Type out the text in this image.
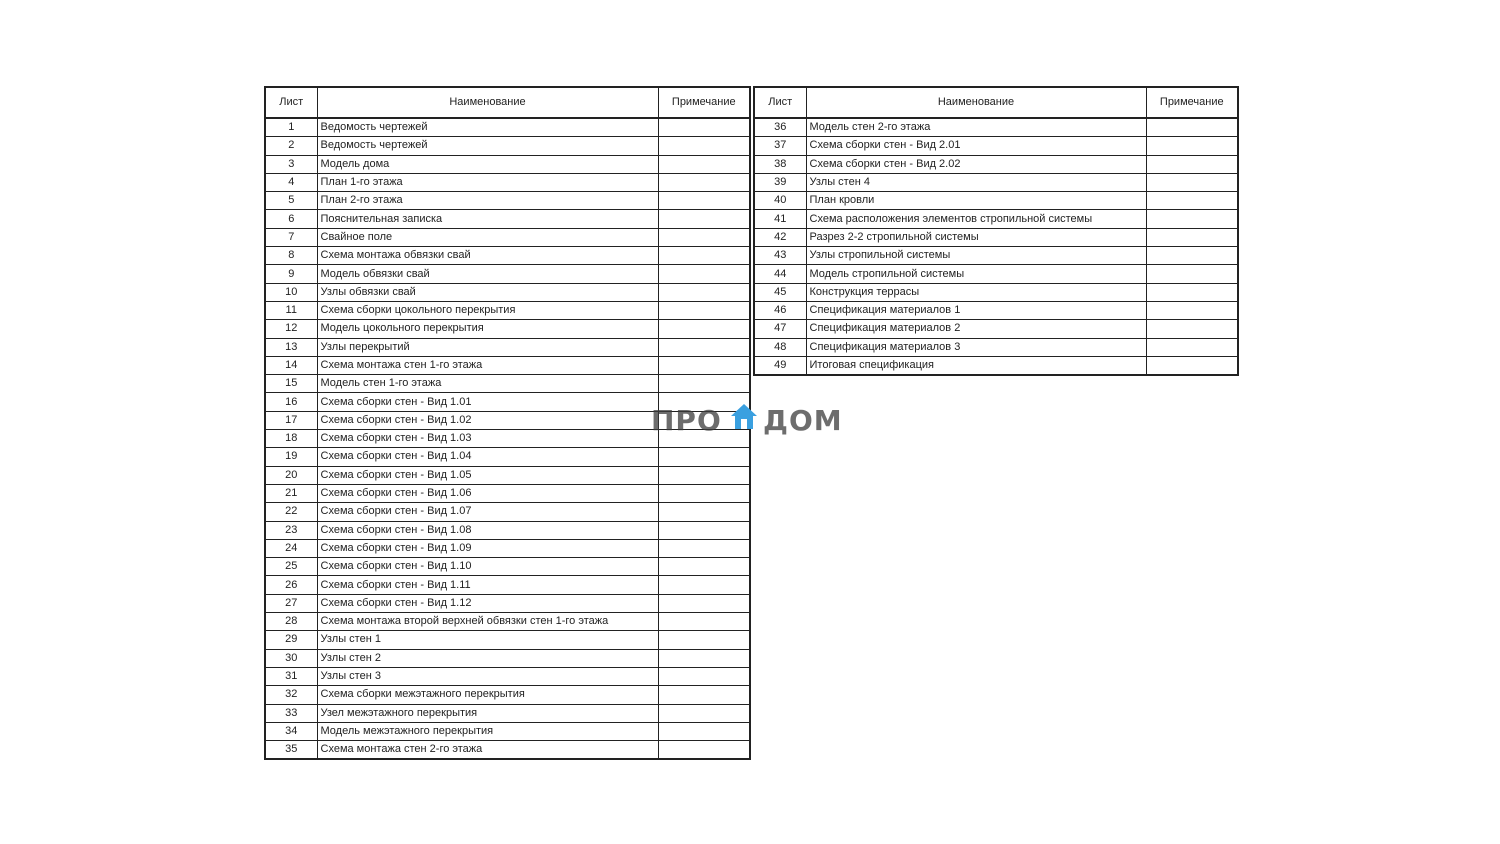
Лист	Наименование	Примечание
1	Ведомость чертежей	
2	Ведомость чертежей	
3	Модель дома	
4	План 1-го этажа	
5	План 2-го этажа	
6	Пояснительная записка	
7	Свайное поле	
8	Схема монтажа обвязки свай	
9	Модель обвязки свай	
10	Узлы обвязки свай	
11	Схема сборки цокольного перекрытия	
12	Модель цокольного перекрытия	
13	Узлы перекрытий	
14	Схема монтажа стен 1-го этажа	
15	Модель стен 1-го этажа	
16	Схема сборки стен - Вид 1.01	
17	Схема сборки стен - Вид 1.02	
18	Схема сборки стен - Вид 1.03	
19	Схема сборки стен - Вид 1.04	
20	Схема сборки стен - Вид 1.05	
21	Схема сборки стен - Вид 1.06	
22	Схема сборки стен - Вид 1.07	
23	Схема сборки стен - Вид 1.08	
24	Схема сборки стен - Вид 1.09	
25	Схема сборки стен - Вид 1.10	
26	Схема сборки стен - Вид 1.11	
27	Схема сборки стен - Вид 1.12	
28	Схема монтажа второй верхней обвязки стен 1-го этажа	
29	Узлы стен 1	
30	Узлы стен 2	
31	Узлы стен 3	
32	Схема сборки межэтажного перекрытия	
33	Узел межэтажного перекрытия	
34	Модель межэтажного перекрытия	
35	Схема монтажа стен 2-го этажа	
Лист	Наименование	Примечание
36	Модель стен 2-го этажа	
37	Схема сборки стен - Вид 2.01	
38	Схема сборки стен - Вид 2.02	
39	Узлы стен 4	
40	План кровли	
41	Схема расположения элементов стропильной системы	
42	Разрез 2-2 стропильной системы	
43	Узлы стропильной системы	
44	Модель стропильной системы	
45	Конструкция террасы	
46	Спецификация материалов 1	
47	Спецификация материалов 2	
48	Спецификация материалов 3	
49	Итоговая спецификация	
ПРО ДОМ
